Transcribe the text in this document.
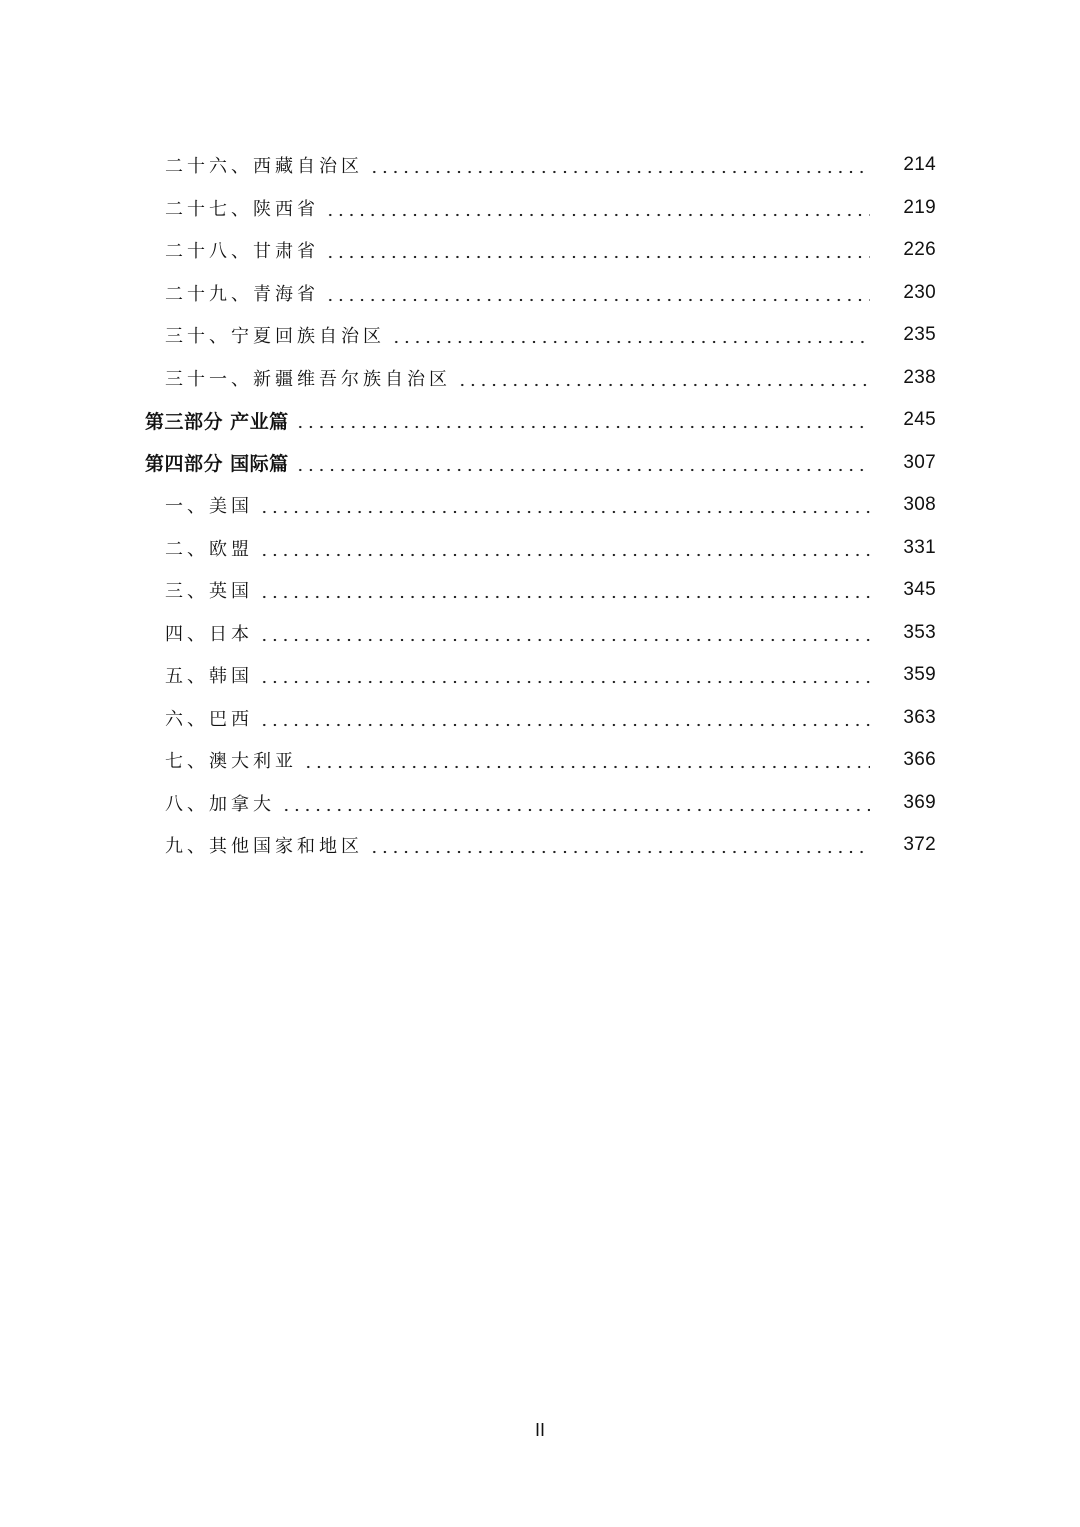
二十六、西藏自治区	214
二十七、陕西省	219
二十八、甘肃省	226
二十九、青海省	230
三十、宁夏回族自治区	235
三十一、新疆维吾尔族自治区	238
第三部分 产业篇	245
第四部分 国际篇	307
一、美国	308
二、欧盟	331
三、英国	345
四、日本	353
五、韩国	359
六、巴西	363
七、澳大利亚	366
八、加拿大	369
九、其他国家和地区	372
II
